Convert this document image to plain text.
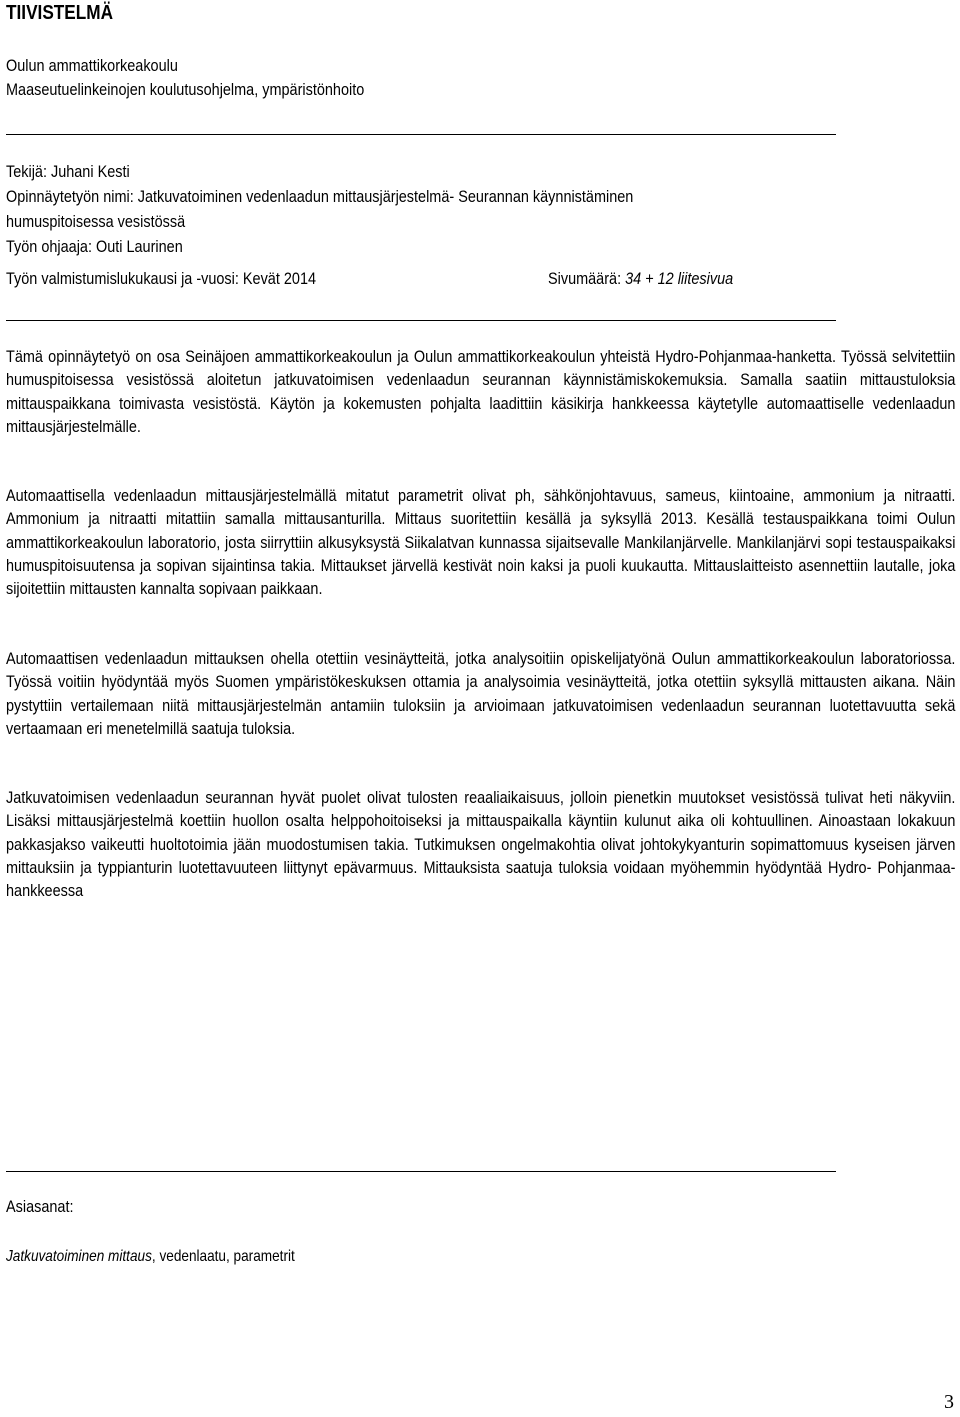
TIIVISTELMÄ
Oulun ammattikorkeakoulu
Maaseutuelinkeinojen koulutusohjelma, ympäristönhoito
Tekijä: Juhani Kesti
Opinnäytetyön nimi: Jatkuvatoiminen vedenlaadun mittausjärjestelmä- Seurannan käynnistäminen
humuspitoisessa vesistössä
Työn ohjaaja: Outi Laurinen
Työn valmistumislukukausi ja -vuosi: Kevät 2014	Sivumäärä: 34 + 12 liitesivua

Tämä opinnäytetyö on osa Seinäjoen ammattikorkeakoulun ja Oulun ammattikorkeakoulun yhteistä Hydro-Pohjanmaa-hanketta. Työssä selvitettiin humuspitoisessa vesistössä aloitetun jatkuvatoimisen vedenlaadun seurannan käynnistämiskokemuksia. Samalla saatiin mittaustuloksia mittauspaikkana toimivasta vesistöstä. Käytön ja kokemusten pohjalta laadittiin käsikirja hankkeessa käytetylle automaattiselle vedenlaadun mittausjärjestelmälle.

Automaattisella vedenlaadun mittausjärjestelmällä mitatut parametrit olivat ph, sähkönjohtavuus, sameus, kiintoaine, ammonium ja nitraatti. Ammonium ja nitraatti mitattiin samalla mittausanturilla. Mittaus suoritettiin kesällä ja syksyllä 2013. Kesällä testauspaikkana toimi Oulun ammattikorkeakoulun laboratorio, josta siirryttiin alkusyksystä Siikalatvan kunnassa sijaitsevalle Mankilanjärvelle. Mankilanjärvi sopi testauspaikaksi humuspitoisuutensa ja sopivan sijaintinsa takia. Mittaukset järvellä kestivät noin kaksi ja puoli kuukautta. Mittauslaitteisto asennettiin lautalle, joka sijoitettiin mittausten kannalta sopivaan paikkaan.

Automaattisen vedenlaadun mittauksen ohella otettiin vesinäytteitä, jotka analysoitiin opiskelijatyönä Oulun ammattikorkeakoulun laboratoriossa. Työssä voitiin hyödyntää myös Suomen ympäristökeskuksen ottamia ja analysoimia vesinäytteitä, jotka otettiin syksyllä mittausten aikana. Näin pystyttiin vertailemaan niitä mittausjärjestelmän antamiin tuloksiin ja arvioimaan jatkuvatoimisen vedenlaadun seurannan luotettavuutta sekä vertaamaan eri menetelmillä saatuja tuloksia.

Jatkuvatoimisen vedenlaadun seurannan hyvät puolet olivat tulosten reaaliaikaisuus, jolloin pienetkin muutokset vesistössä tulivat heti näkyviin. Lisäksi mittausjärjestelmä koettiin huollon osalta helppohoitoiseksi ja mittauspaikalla käyntiin kulunut aika oli kohtuullinen. Ainoastaan lokakuun pakkasjakso vaikeutti huoltotoimia jään muodostumisen takia. Tutkimuksen ongelmakohtia olivat johtokykyanturin sopimattomuus kyseisen järven mittauksiin ja typpianturin luotettavuuteen liittynyt epävarmuus. Mittauksista saatuja tuloksia voidaan myöhemmin hyödyntää Hydro- Pohjanmaa- hankkeessa

Asiasanat:
Jatkuvatoiminen mittaus, vedenlaatu, parametrit
3
